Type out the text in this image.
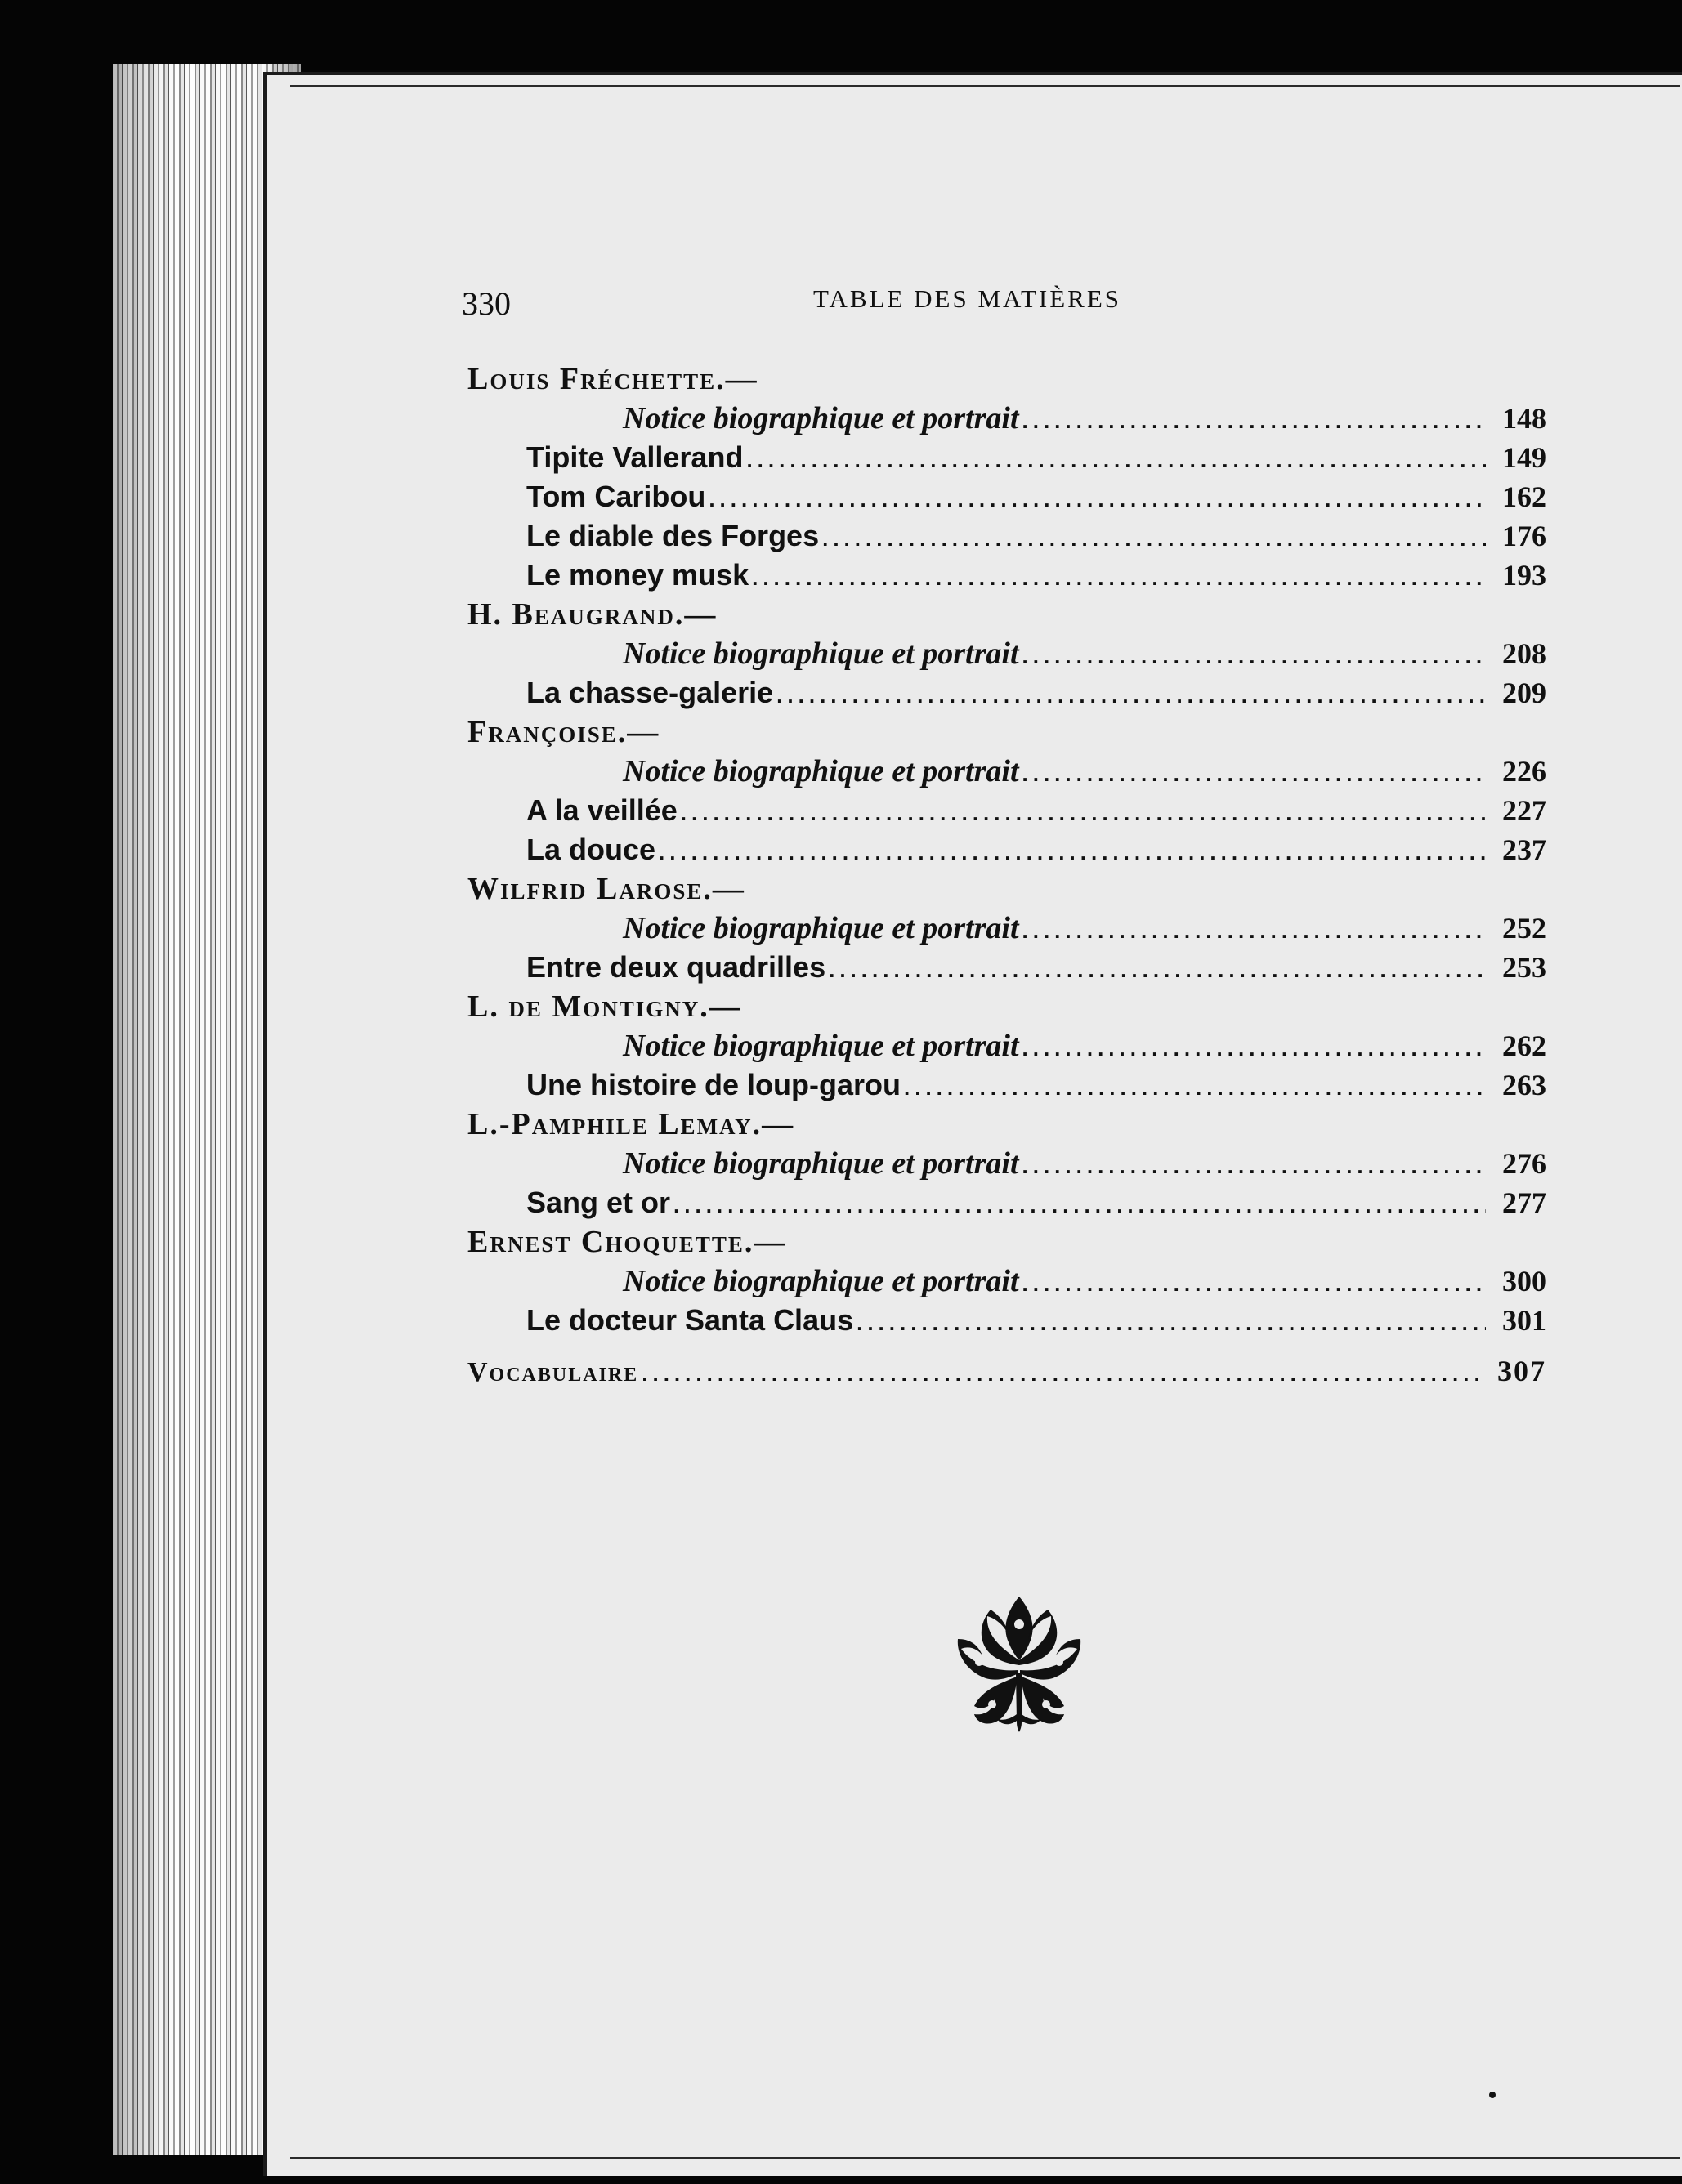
330	TABLE DES MATIÈRES
Louis Fréchette.—
Notice biographique et portrait .....	148
Tipite Vallerand .....	149
Tom Caribou .....	162
Le diable des Forges .....	176
Le money musk .....	193
H. Beaugrand.—
Notice biographique et portrait .....	208
La chasse-galerie .....	209
Françoise.—
Notice biographique et portrait .....	226
A la veillée .....	227
La douce .....	237
Wilfrid Larose.—
Notice biographique et portrait .....	252
Entre deux quadrilles .....	253
L. de Montigny.—
Notice biographique et portrait .....	262
Une histoire de loup-garou .....	263
L.-Pamphile Lemay.—
Notice biographique et portrait .....	276
Sang et or .....	277
Ernest Choquette.—
Notice biographique et portrait .....	300
Le docteur Santa Claus .....	301
Vocabulaire .....	307
